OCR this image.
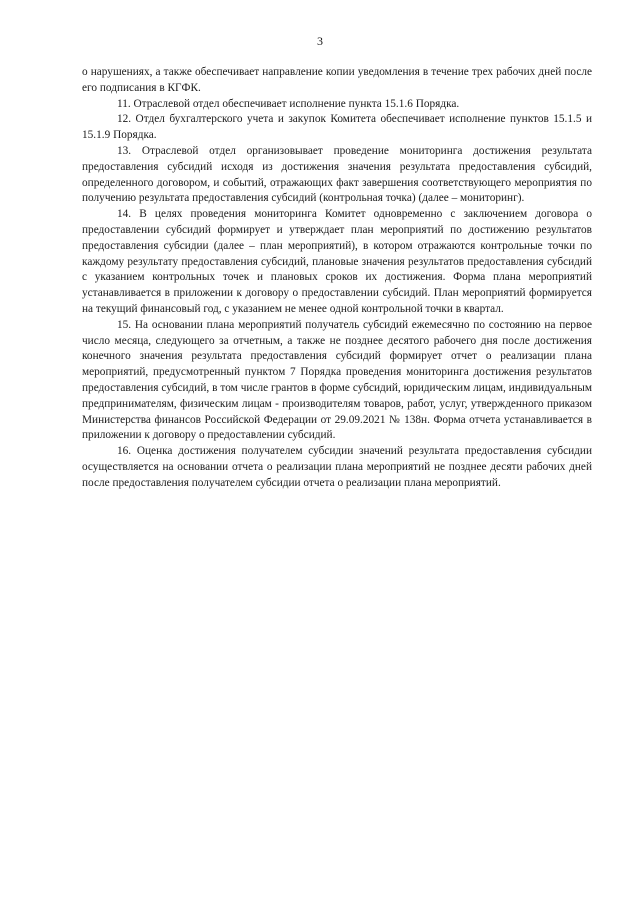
3

о нарушениях, а также обеспечивает направление копии уведомления в течение трех рабочих дней после его подписания в КГФК.

11. Отраслевой отдел обеспечивает исполнение пункта 15.1.6 Порядка.

12. Отдел бухгалтерского учета и закупок Комитета обеспечивает исполнение пунктов 15.1.5 и 15.1.9 Порядка.

13. Отраслевой отдел организовывает проведение мониторинга достижения результата предоставления субсидий исходя из достижения значения результата предоставления субсидий, определенного договором, и событий, отражающих факт завершения соответствующего мероприятия по получению результата предоставления субсидий (контрольная точка) (далее – мониторинг).

14. В целях проведения мониторинга Комитет одновременно с заключением договора о предоставлении субсидий формирует и утверждает план мероприятий по достижению результатов предоставления субсидии (далее – план мероприятий), в котором отражаются контрольные точки по каждому результату предоставления субсидий, плановые значения результатов предоставления субсидий с указанием контрольных точек и плановых сроков их достижения. Форма плана мероприятий устанавливается в приложении к договору о предоставлении субсидий. План мероприятий формируется на текущий финансовый год, с указанием не менее одной контрольной точки в квартал.

15. На основании плана мероприятий получатель субсидий ежемесячно по состоянию на первое число месяца, следующего за отчетным, а также не позднее десятого рабочего дня после достижения конечного значения результата предоставления субсидий формирует отчет о реализации плана мероприятий, предусмотренный пунктом 7 Порядка проведения мониторинга достижения результатов предоставления субсидий, в том числе грантов в форме субсидий, юридическим лицам, индивидуальным предпринимателям, физическим лицам - производителям товаров, работ, услуг, утвержденного приказом Министерства финансов Российской Федерации от 29.09.2021 № 138н. Форма отчета устанавливается в приложении к договору о предоставлении субсидий.

16. Оценка достижения получателем субсидии значений результата предоставления субсидии осуществляется на основании отчета о реализации плана мероприятий не позднее десяти рабочих дней после предоставления получателем субсидии отчета о реализации плана мероприятий.
